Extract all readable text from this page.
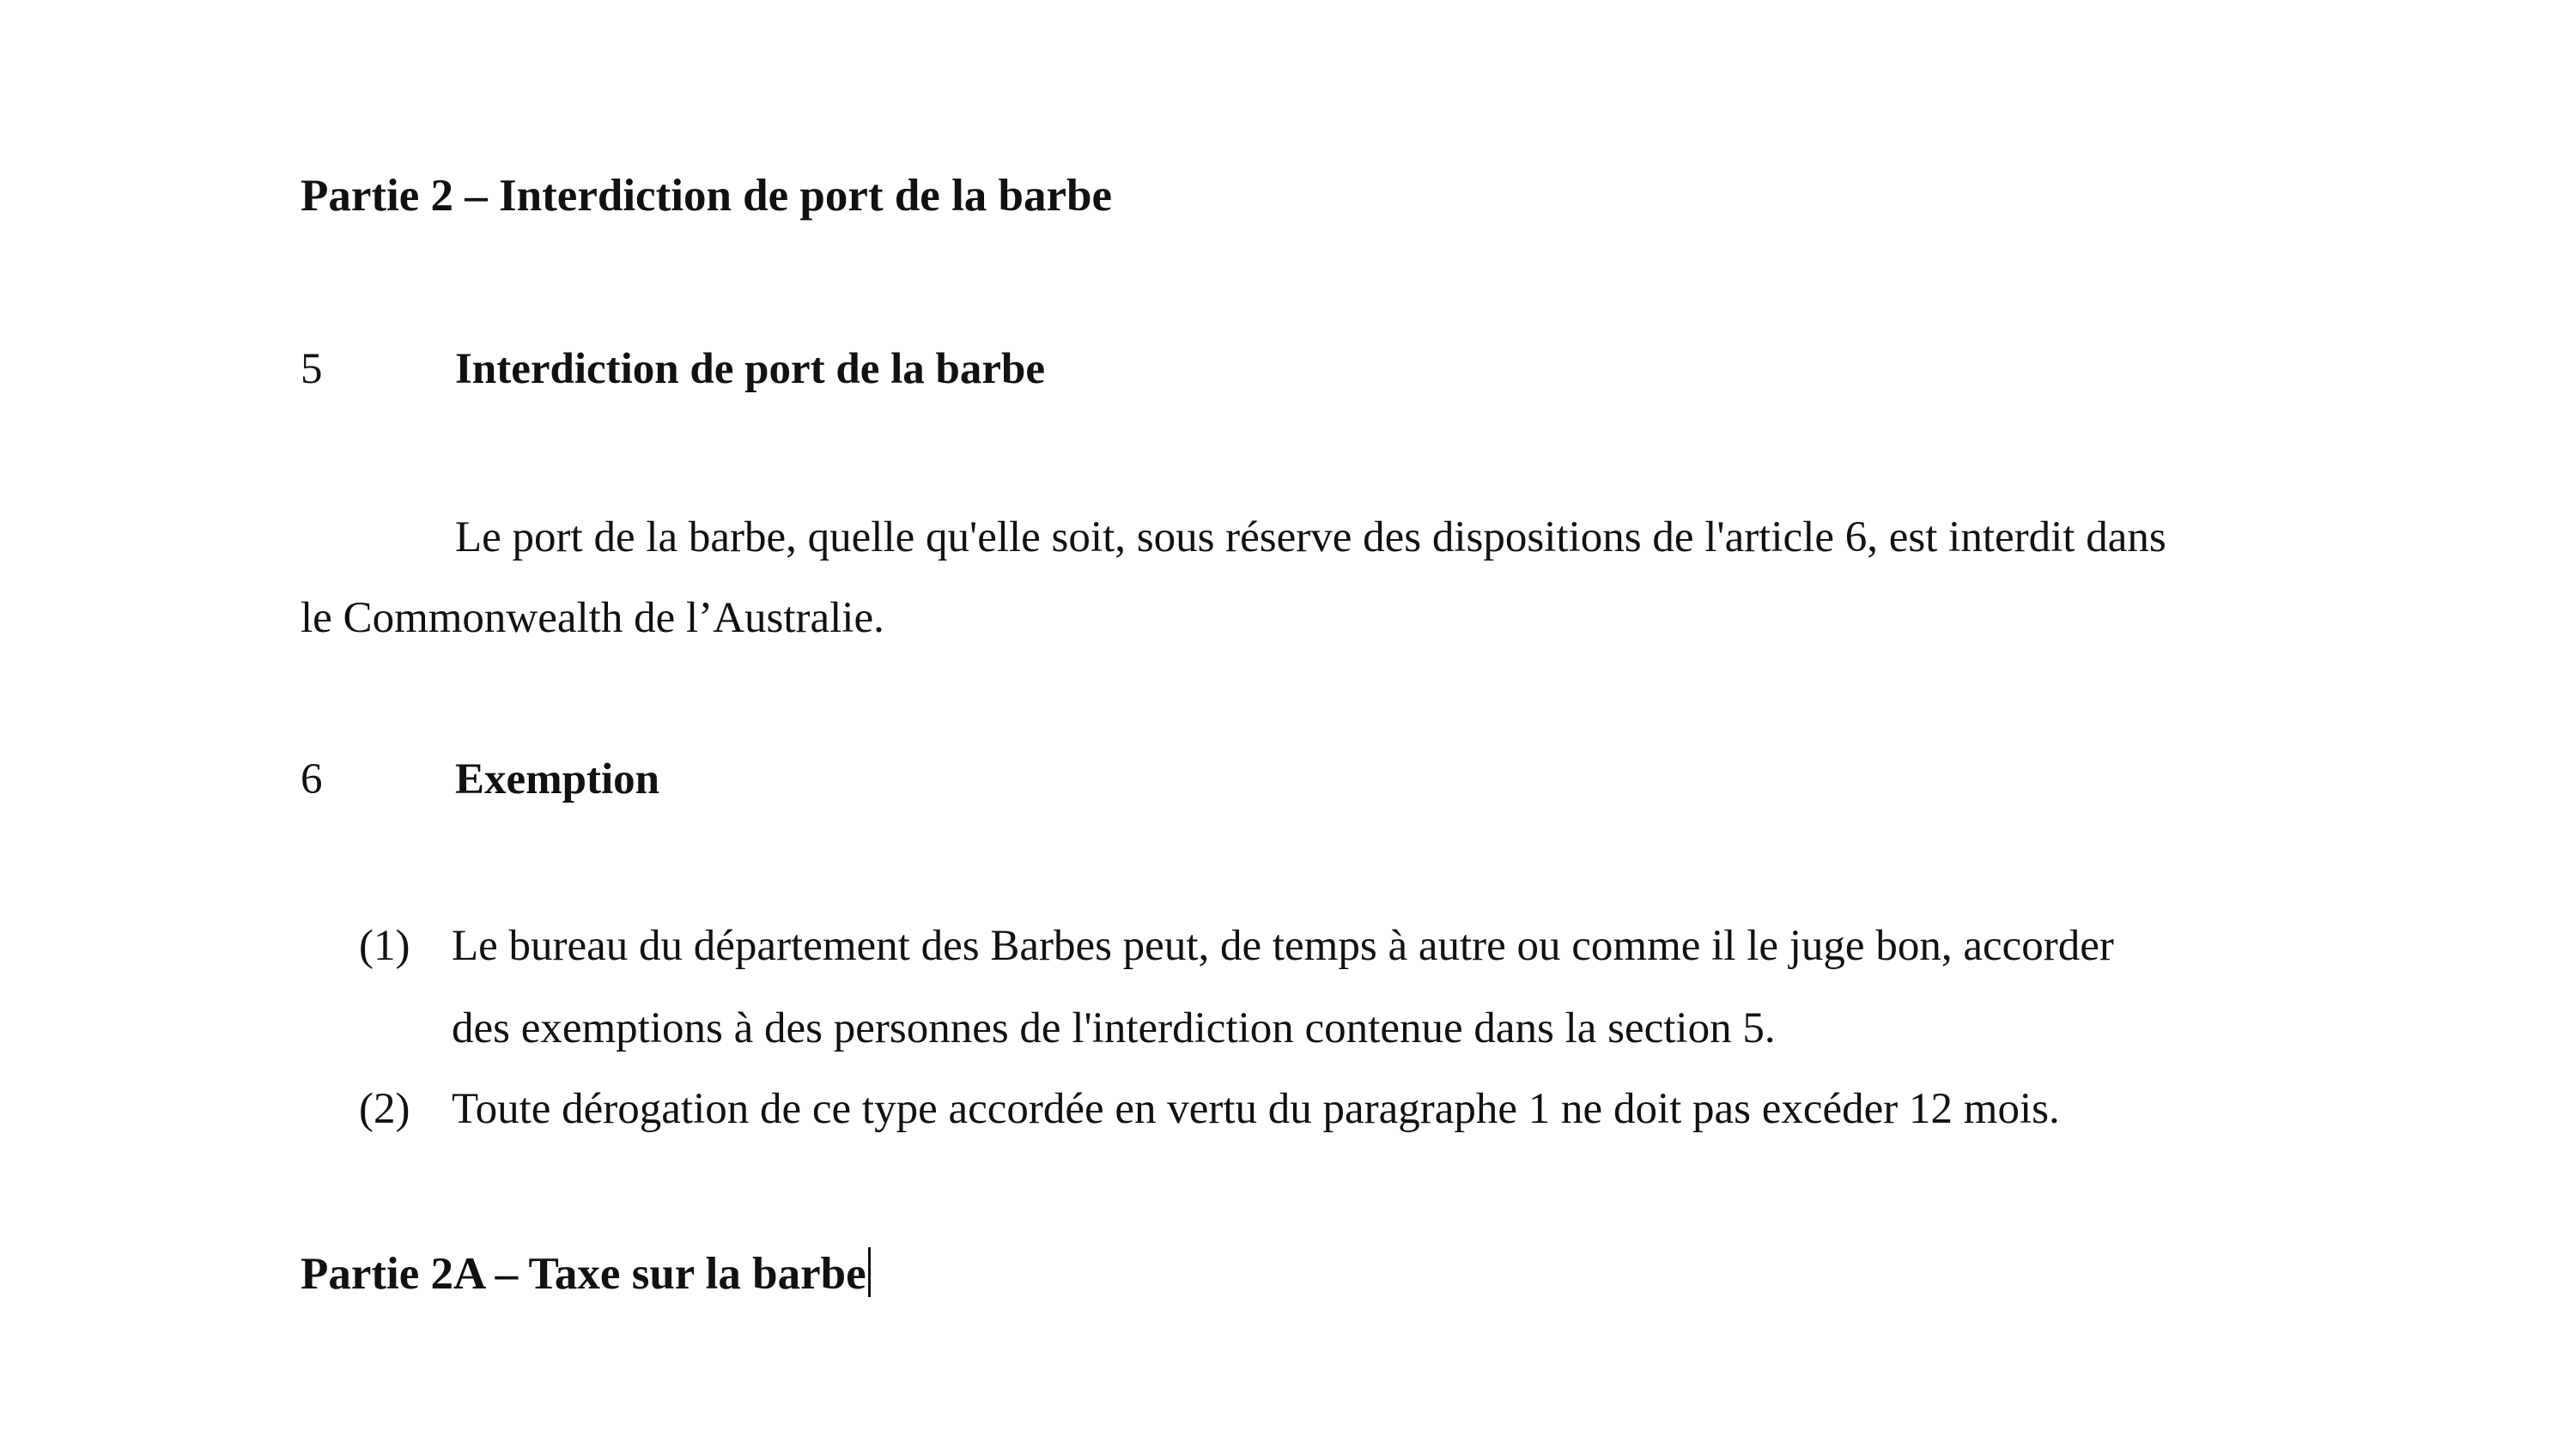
Partie 2 – Interdiction de port de la barbe
5	Interdiction de port de la barbe
Le port de la barbe, quelle qu'elle soit, sous réserve des dispositions de l'article 6, est interdit dans
le Commonwealth de l’Australie.
6	Exemption
(1) Le bureau du département des Barbes peut, de temps à autre ou comme il le juge bon, accorder
des exemptions à des personnes de l'interdiction contenue dans la section 5.
(2) Toute dérogation de ce type accordée en vertu du paragraphe 1 ne doit pas excéder 12 mois.
Partie 2A – Taxe sur la barbe
